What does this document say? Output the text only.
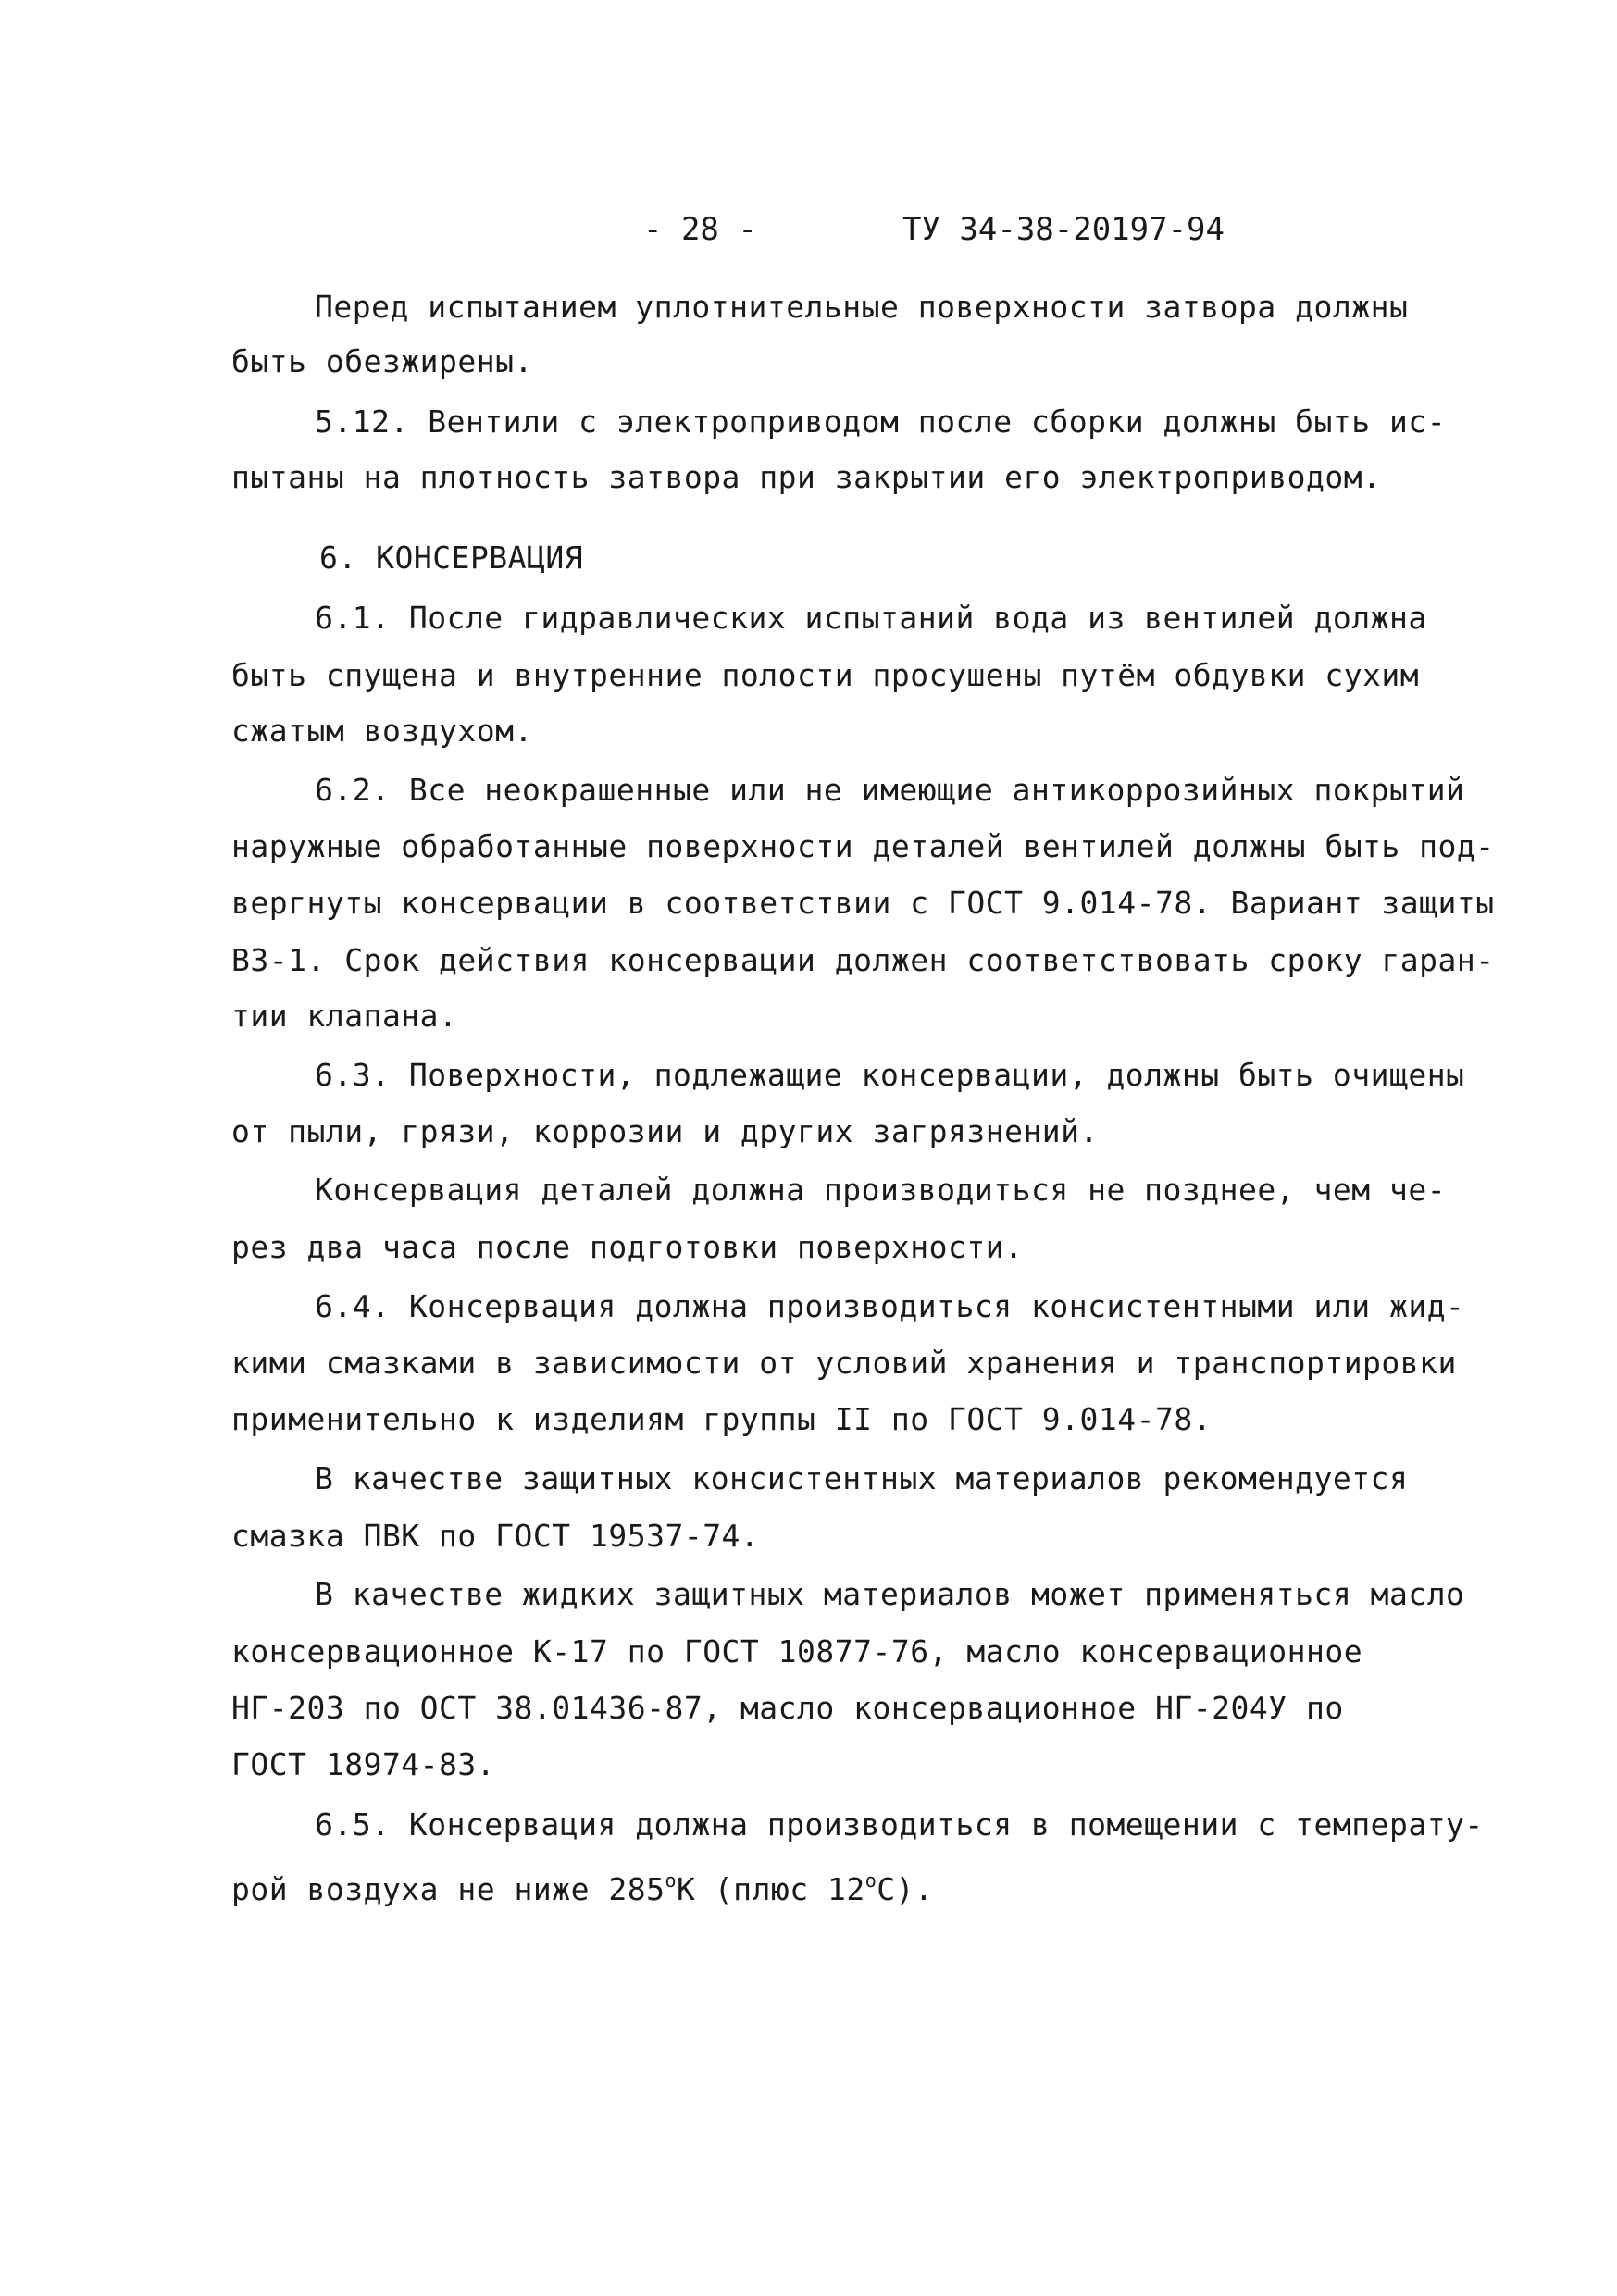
- 28 -	ТУ 34-38-20197-94
Перед испытанием уплотнительные поверхности затвора должны
быть обезжирены.
5.12. Вентили с электроприводом после сборки должны быть ис-
пытаны на плотность затвора при закрытии его электроприводом.
6. КОНСЕРВАЦИЯ
6.1. После гидравлических испытаний вода из вентилей должна
быть спущена и внутренние полости просушены путём обдувки сухим
сжатым воздухом.
6.2. Все неокрашенные или не имеющие антикоррозийных покрытий
наружные обработанные поверхности деталей вентилей должны быть под-
вергнуты консервации в соответствии с ГОСТ 9.014-78. Вариант защиты
ВЗ-1. Срок действия консервации должен соответствовать сроку гаран-
тии клапана.
6.3. Поверхности, подлежащие консервации, должны быть очищены
от пыли, грязи, коррозии и других загрязнений.
Консервация деталей должна производиться не позднее, чем че-
рез два часа после подготовки поверхности.
6.4. Консервация должна производиться консистентными или жид-
кими смазками в зависимости от условий хранения и транспортировки
применительно к изделиям группы II по ГОСТ 9.014-78.
В качестве защитных консистентных материалов рекомендуется
смазка ПВК по ГОСТ 19537-74.
В качестве жидких защитных материалов может применяться масло
консервационное К-17 по ГОСТ 10877-76, масло консервационное
НГ-203 по ОСТ 38.01436-87, масло консервационное НГ-204У по
ГОСТ 18974-83.
6.5. Консервация должна производиться в помещении с температу-
рой воздуха не ниже $285^оК$ (плюс $12^оС$).
